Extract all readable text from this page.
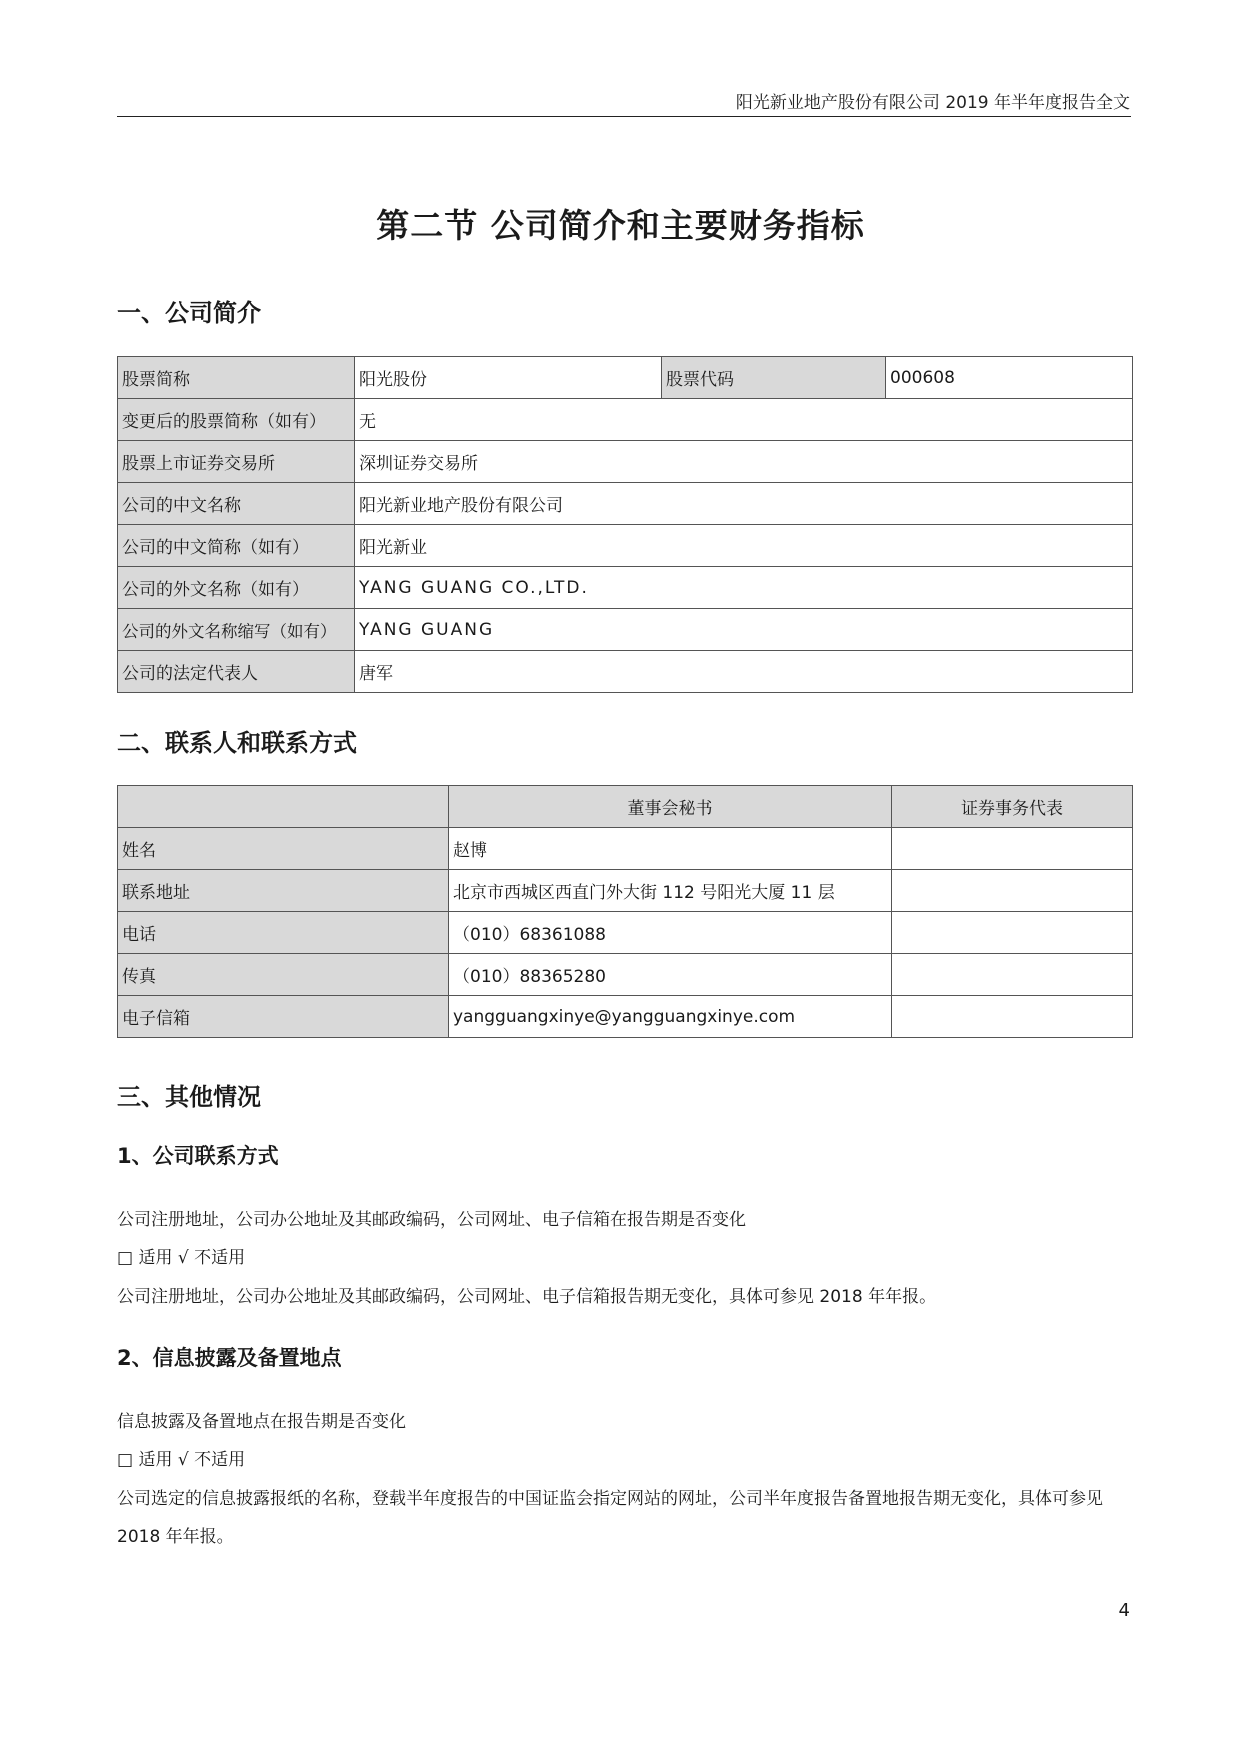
阳光新业地产股份有限公司 2019 年半年度报告全文
第二节 公司简介和主要财务指标
一、公司简介
股票简称	阳光股份	股票代码	000608
变更后的股票简称（如有）	无		
股票上市证券交易所	深圳证券交易所		
公司的中文名称	阳光新业地产股份有限公司		
公司的中文简称（如有）	阳光新业		
公司的外文名称（如有）	YANG GUANG CO.,LTD.		
公司的外文名称缩写（如有）	YANG GUANG		
公司的法定代表人	唐军		
二、联系人和联系方式
	董事会秘书	证券事务代表
姓名	赵博	
联系地址	北京市西城区西直门外大街 112 号阳光大厦 11 层	
电话	（010）68361088	
传真	（010）88365280	
电子信箱	yangguangxinye@yangguangxinye.com	
三、其他情况
1、公司联系方式
公司注册地址，公司办公地址及其邮政编码，公司网址、电子信箱在报告期是否变化
□ 适用 √ 不适用
公司注册地址，公司办公地址及其邮政编码，公司网址、电子信箱报告期无变化，具体可参见 2018 年年报。
2、信息披露及备置地点
信息披露及备置地点在报告期是否变化
□ 适用 √ 不适用
公司选定的信息披露报纸的名称，登载半年度报告的中国证监会指定网站的网址，公司半年度报告备置地报告期无变化，具体可参见 2018 年年报。
4
